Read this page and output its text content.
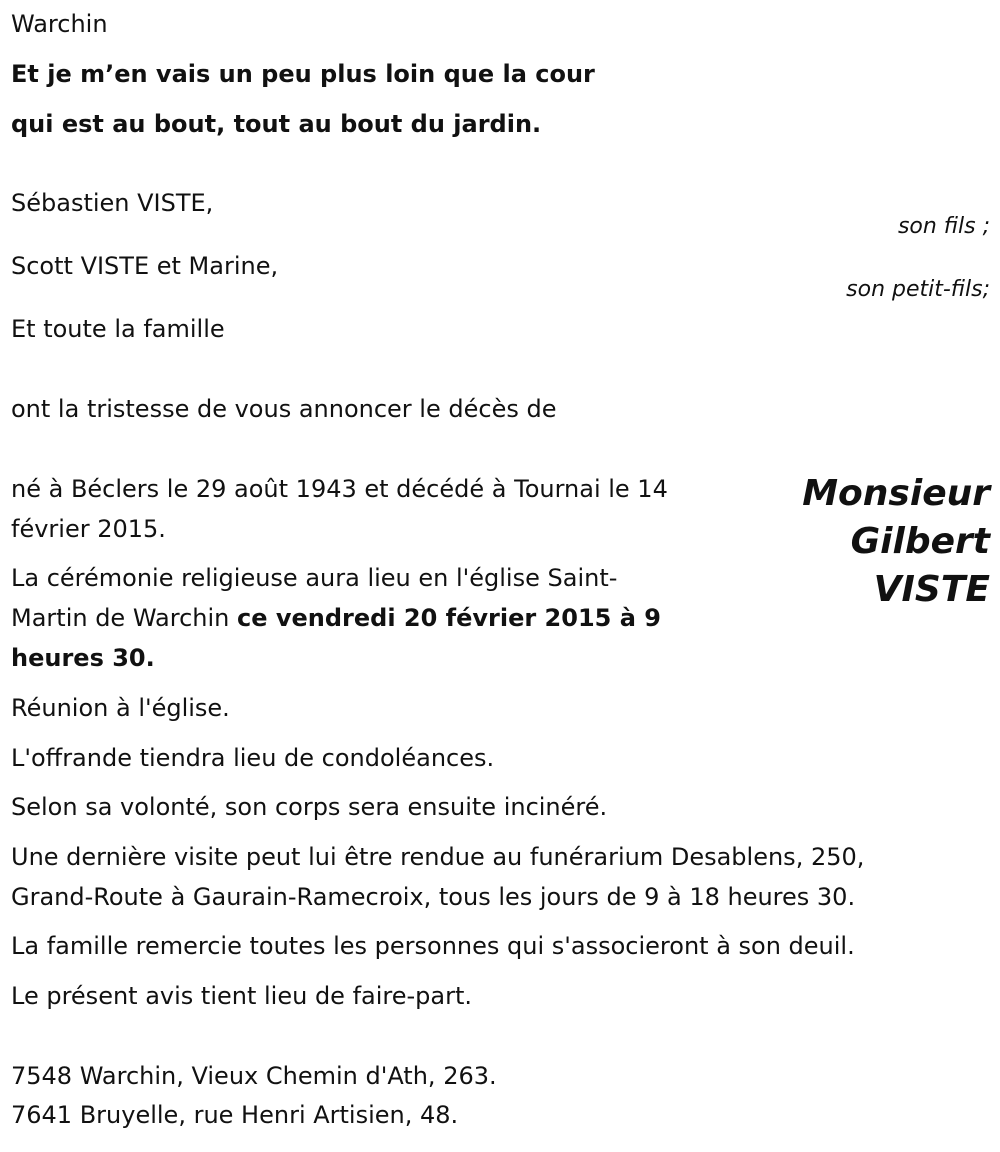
Warchin
Et je m’en vais un peu plus loin que la cour
qui est au bout, tout au bout du jardin.
Sébastien VISTE,
son fils ;
Scott VISTE et Marine,
son petit-fils;
Et toute la famille
ont la tristesse de vous annoncer le décès de
Monsieur
Gilbert
VISTE
né à Béclers le 29 août 1943 et décédé à Tournai le 14
février 2015.
La cérémonie religieuse aura lieu en l'église Saint-
Martin de Warchin ce vendredi 20 février 2015 à 9
heures 30.
Réunion à l'église.
L'offrande tiendra lieu de condoléances.
Selon sa volonté, son corps sera ensuite incinéré.
Une dernière visite peut lui être rendue au funérarium Desablens, 250,
Grand-Route à Gaurain-Ramecroix, tous les jours de 9 à 18 heures 30.
La famille remercie toutes les personnes qui s'associeront à son deuil.
Le présent avis tient lieu de faire-part.
7548 Warchin, Vieux Chemin d'Ath, 263.
7641 Bruyelle, rue Henri Artisien, 48.
